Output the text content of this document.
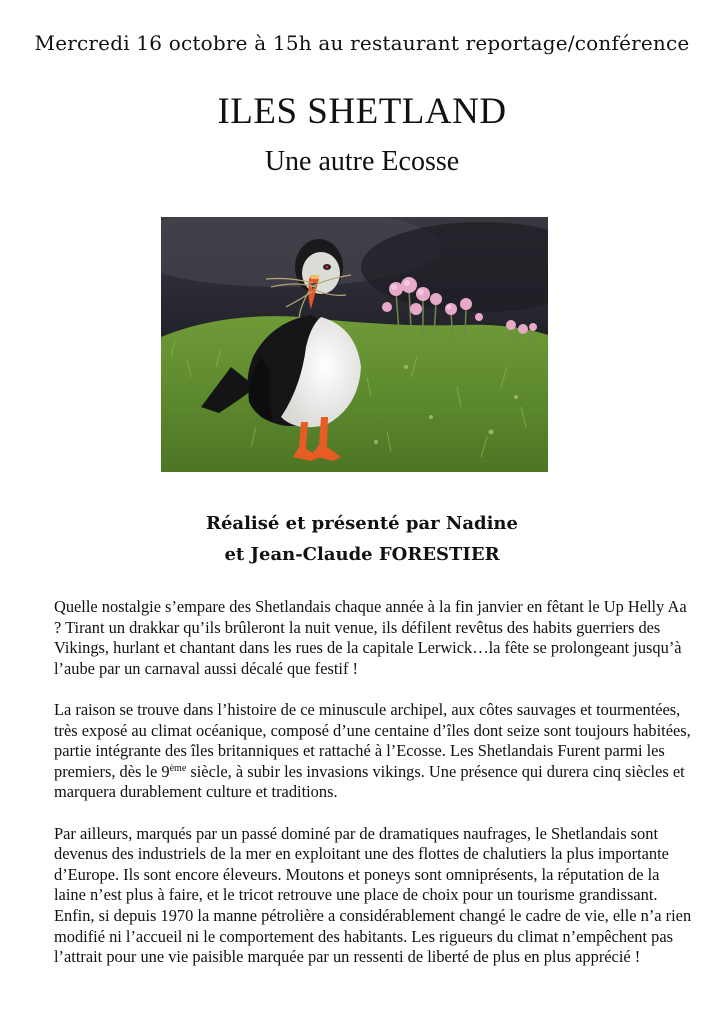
Mercredi 16 octobre à 15h au restaurant reportage/conférence
ILES SHETLAND
Une autre Ecosse
Réalisé et présenté par Nadine
et Jean-Claude FORESTIER

Quelle nostalgie s’empare des Shetlandais chaque année à la fin janvier en fêtant le Up Helly Aa ? Tirant un drakkar qu’ils brûleront la nuit venue, ils défilent revêtus des habits guerriers des Vikings, hurlant et chantant dans les rues de la capitale Lerwick…la fête se prolongeant jusqu’à l’aube par un carnaval aussi décalé que festif !

La raison se trouve dans l’histoire de ce minuscule archipel, aux côtes sauvages et tourmentées, très exposé au climat océanique, composé d’une centaine d’îles dont seize sont toujours habitées, partie intégrante des îles britanniques et rattaché à l’Ecosse. Les Shetlandais Furent parmi les premiers, dès le 9ème siècle, à subir les invasions vikings. Une présence qui durera cinq siècles et marquera durablement culture et traditions.

Par ailleurs, marqués par un passé dominé par de dramatiques naufrages, le Shetlandais sont devenus des industriels de la mer en exploitant une des flottes de chalutiers la plus importante d’Europe. Ils sont encore éleveurs. Moutons et poneys sont omniprésents, la réputation de la laine n’est plus à faire, et le tricot retrouve une place de choix pour un tourisme grandissant. Enfin, si depuis 1970 la manne pétrolière a considérablement changé le cadre de vie, elle n’a rien modifié ni l’accueil ni le comportement des habitants. Les rigueurs du climat n’empêchent pas l’attrait pour une vie paisible marquée par un ressenti de liberté de plus en plus apprécié !
